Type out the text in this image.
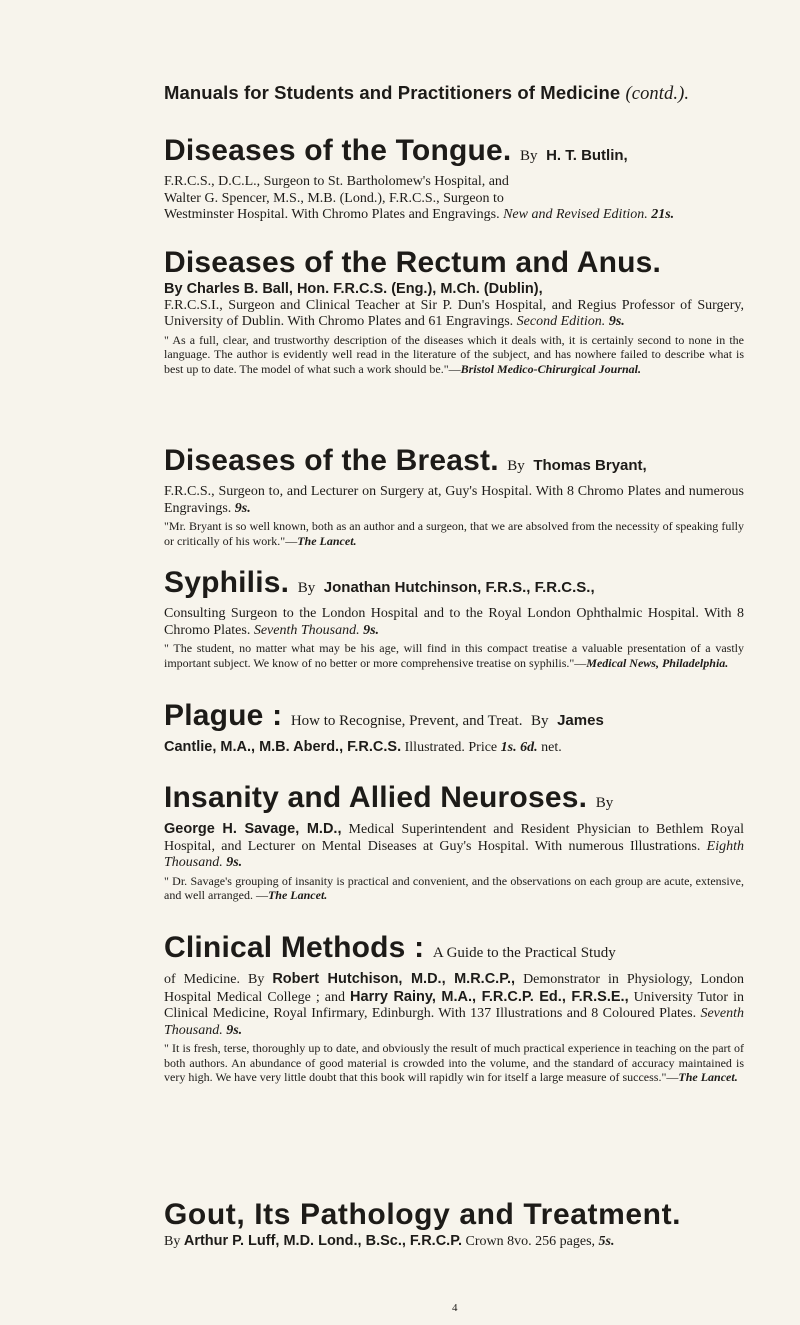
Manuals for Students and Practitioners of Medicine (contd.).
Diseases of the Tongue. By H. T. Butlin,
F.R.C.S., D.C.L., Surgeon to St. Bartholomew's Hospital, and
Walter G. Spencer, M.S., M.B. (Lond.), F.R.C.S., Surgeon to
Westminster Hospital. With Chromo Plates and Engravings. New and Revised Edition. 21s.
Diseases of the Rectum and Anus.
By Charles B. Ball, Hon. F.R.C.S. (Eng.), M.Ch. (Dublin),
F.R.C.S.I., Surgeon and Clinical Teacher at Sir P. Dun's Hospital, and Regius Professor of Surgery, University of Dublin. With Chromo Plates and 61 Engravings. Second Edition. 9s.
" As a full, clear, and trustworthy description of the diseases which it deals with, it is certainly second to none in the language. The author is evidently well read in the literature of the subject, and has nowhere failed to describe what is best up to date. The model of what such a work should be."—Bristol Medico-Chirurgical Journal.
Diseases of the Breast. By Thomas Bryant,
F.R.C.S., Surgeon to, and Lecturer on Surgery at, Guy's Hospital. With 8 Chromo Plates and numerous Engravings. 9s.
"Mr. Bryant is so well known, both as an author and a surgeon, that we are absolved from the necessity of speaking fully or critically of his work."—The Lancet.
Syphilis. By Jonathan Hutchinson, F.R.S., F.R.C.S.,
Consulting Surgeon to the London Hospital and to the Royal London Ophthalmic Hospital. With 8 Chromo Plates. Seventh Thousand. 9s.
" The student, no matter what may be his age, will find in this compact treatise a valuable presentation of a vastly important subject. We know of no better or more comprehensive treatise on syphilis."—Medical News, Philadelphia.
Plague : How to Recognise, Prevent, and Treat. By James
Cantlie, M.A., M.B. Aberd., F.R.C.S. Illustrated. Price 1s. 6d. net.
Insanity and Allied Neuroses. By
George H. Savage, M.D., Medical Superintendent and Resident Physician to Bethlem Royal Hospital, and Lecturer on Mental Diseases at Guy's Hospital. With numerous Illustrations. Eighth Thousand. 9s.
" Dr. Savage's grouping of insanity is practical and convenient, and the observations on each group are acute, extensive, and well arranged. —The Lancet.
Clinical Methods : A Guide to the Practical Study
of Medicine. By Robert Hutchison, M.D., M.R.C.P., Demonstrator in Physiology, London Hospital Medical College ; and Harry Rainy, M.A., F.R.C.P. Ed., F.R.S.E., University Tutor in Clinical Medicine, Royal Infirmary, Edinburgh. With 137 Illustrations and 8 Coloured Plates. Seventh Thousand. 9s.
" It is fresh, terse, thoroughly up to date, and obviously the result of much practical experience in teaching on the part of both authors. An abundance of good material is crowded into the volume, and the standard of accuracy maintained is very high. We have very little doubt that this book will rapidly win for itself a large measure of success."—The Lancet.
Gout, Its Pathology and Treatment.
By Arthur P. Luff, M.D. Lond., B.Sc., F.R.C.P. Crown 8vo. 256 pages, 5s.
4
